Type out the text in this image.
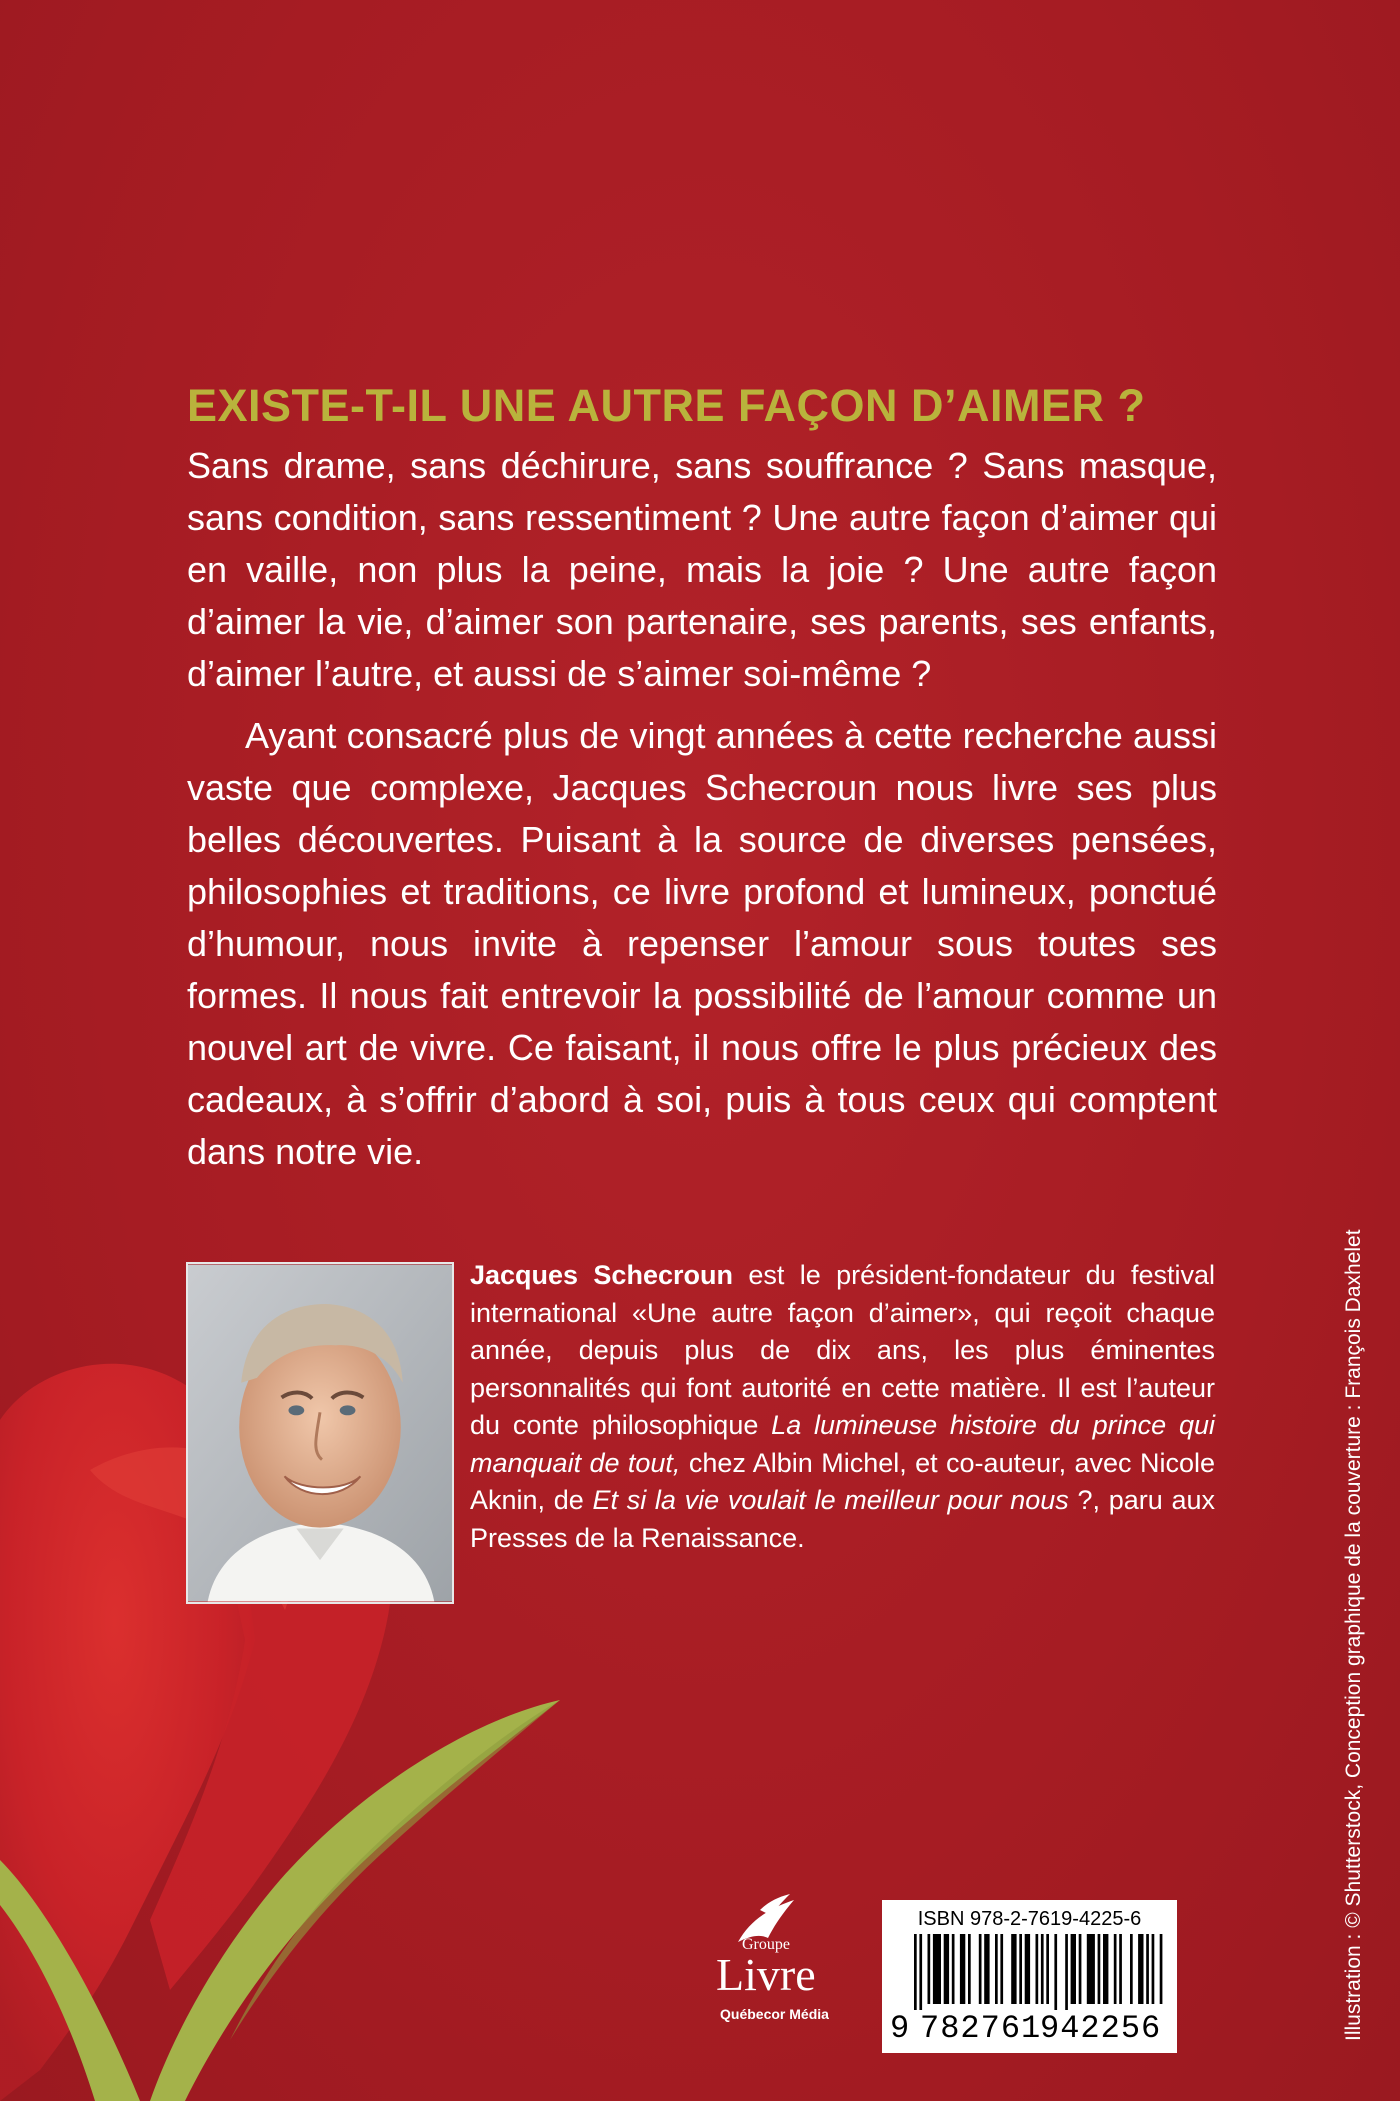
EXISTE-T-IL UNE AUTRE FAÇON D’AIMER ?

Sans drame, sans déchirure, sans souffrance ? Sans masque, sans condition, sans ressentiment ? Une autre façon d’aimer qui en vaille, non plus la peine, mais la joie ? Une autre façon d’aimer la vie, d’aimer son partenaire, ses parents, ses enfants, d’aimer l’autre, et aussi de s’aimer soi-même ?

Ayant consacré plus de vingt années à cette recherche aussi vaste que complexe, Jacques Schecroun nous livre ses plus belles découvertes. Puisant à la source de diverses pensées, philosophies et traditions, ce livre profond et lumineux, ponctué d’humour, nous invite à repenser l’amour sous toutes ses formes. Il nous fait entrevoir la possibilité de l’amour comme un nouvel art de vivre. Ce faisant, il nous offre le plus précieux des cadeaux, à s’offrir d’abord à soi, puis à tous ceux qui comptent dans notre vie.

Jacques Schecroun est le président-fondateur du festival international «Une autre façon d’aimer», qui reçoit chaque année, depuis plus de dix ans, les plus éminentes personnalités qui font autorité en cette matière. Il est l’auteur du conte philosophique La lumineuse histoire du prince qui manquait de tout, chez Albin Michel, et co-auteur, avec Nicole Aknin, de Et si la vie voulait le meilleur pour nous ?, paru aux Presses de la Renaissance.	Illustration : © Shutterstock, Conception graphique de la couverture : François Daxhelet
Groupe
Livre
Québecor Média
ISBN 978-2-7619-4225-6
9 782761
942256
